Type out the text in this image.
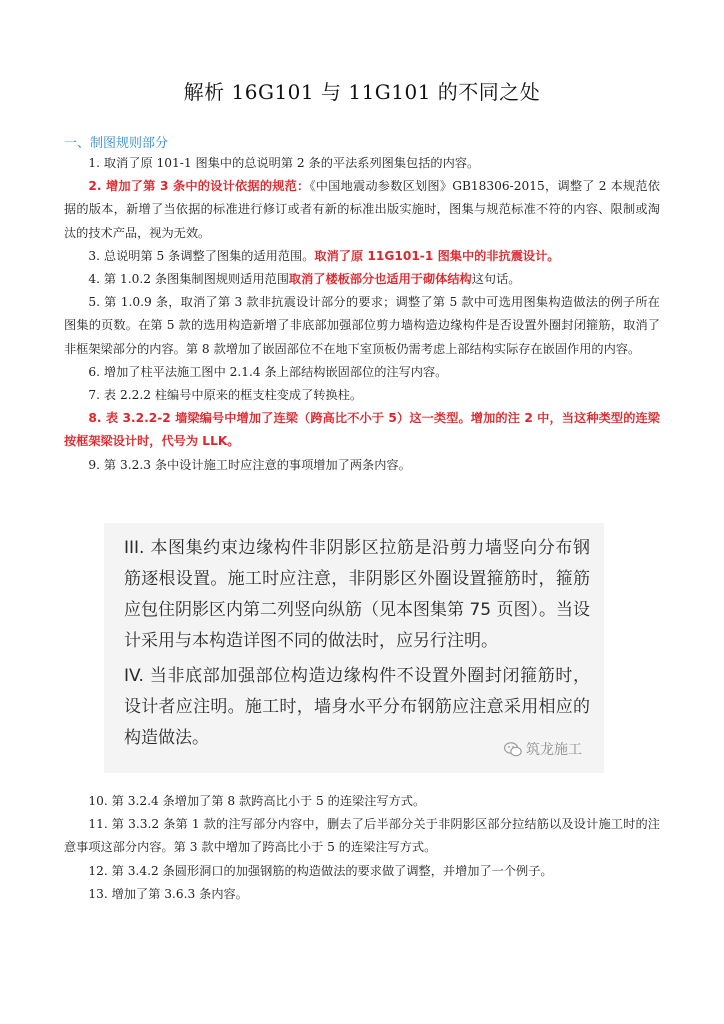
解析 16G101 与 11G101 的不同之处
一、制图规则部分

1. 取消了原 101-1 图集中的总说明第 2 条的平法系列图集包括的内容。

2. 增加了第 3 条中的设计依据的规范：《中国地震动参数区划图》GB18306-2015，调整了 2 本规范依据的版本，新增了当依据的标准进行修订或者有新的标准出版实施时，图集与规范标准不符的内容、限制或淘汰的技术产品，视为无效。

3. 总说明第 5 条调整了图集的适用范围。取消了原 11G101-1 图集中的非抗震设计。

4. 第 1.0.2 条图集制图规则适用范围取消了楼板部分也适用于砌体结构这句话。

5. 第 1.0.9 条，取消了第 3 款非抗震设计部分的要求；调整了第 5 款中可选用图集构造做法的例子所在图集的页数。在第 5 款的选用构造新增了非底部加强部位剪力墙构造边缘构件是否设置外圈封闭箍筋，取消了非框架梁部分的内容。第 8 款增加了嵌固部位不在地下室顶板仍需考虑上部结构实际存在嵌固作用的内容。

6. 增加了柱平法施工图中 2.1.4 条上部结构嵌固部位的注写内容。

7. 表 2.2.2 柱编号中原来的框支柱变成了转换柱。

8. 表 3.2.2-2 墙梁编号中增加了连梁（跨高比不小于 5）这一类型。增加的注 2 中，当这种类型的连梁按框架梁设计时，代号为 LLK。

9. 第 3.2.3 条中设计施工时应注意的事项增加了两条内容。

III. 本图集约束边缘构件非阴影区拉筋是沿剪力墙竖向分布钢筋逐根设置。施工时应注意，非阴影区外圈设置箍筋时，箍筋应包住阴影区内第二列竖向纵筋（见本图集第 75 页图）。当设计采用与本构造详图不同的做法时，应另行注明。

IV. 当非底部加强部位构造边缘构件不设置外圈封闭箍筋时，设计者应注明。施工时，墙身水平分布钢筋应注意采用相应的构造做法。

筑龙施工

10. 第 3.2.4 条增加了第 8 款跨高比小于 5 的连梁注写方式。

11. 第 3.3.2 条第 1 款的注写部分内容中，删去了后半部分关于非阴影区部分拉结筋以及设计施工时的注意事项这部分内容。第 3 款中增加了跨高比小于 5 的连梁注写方式。

12. 第 3.4.2 条圆形洞口的加强钢筋的构造做法的要求做了调整，并增加了一个例子。

13. 增加了第 3.6.3 条内容。
